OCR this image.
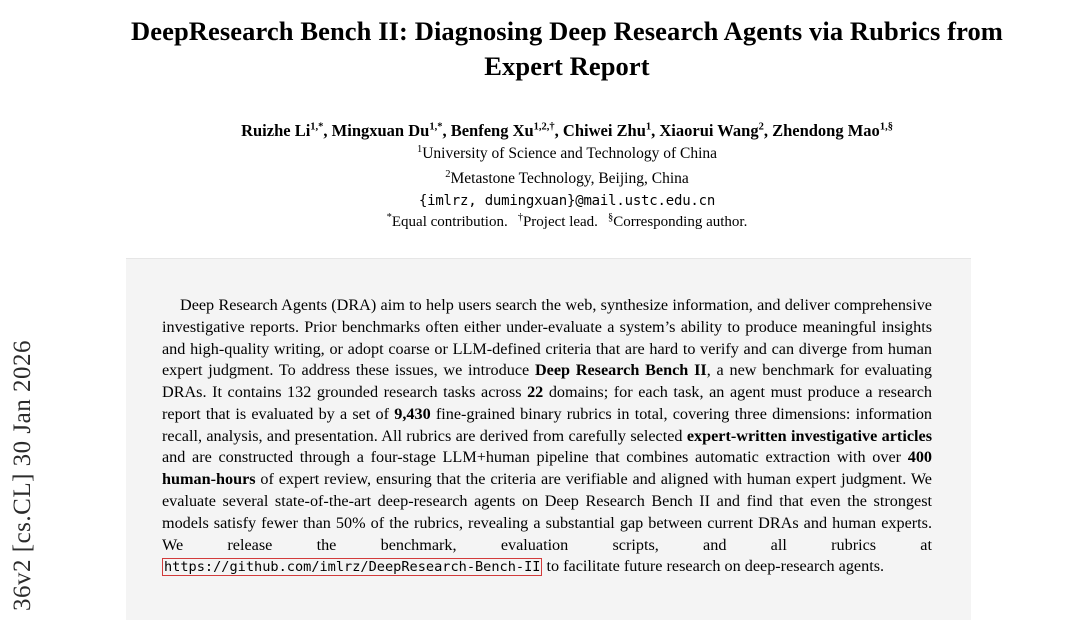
36v2 [cs.CL] 30 Jan 2026
DeepResearch Bench II: Diagnosing Deep Research Agents via Rubrics from Expert Report
Ruizhe $Li^{1,*}$, Mingxuan $Du^{1,*}$, Benfeng $Xu^{1,2,\dagger}$, Chiwei Zhu$^1$, Xiaorui Wang$^2$, Zhendong Mao$^{1,\S}$
$^1$University of Science and Technology of China
$^2$Metastone Technology, Beijing, China
{imlrz, dumingxuan}@mail.ustc.edu.cn
*Equal contribution. †Project lead. §Corresponding author.
Deep Research Agents (DRA) aim to help users search the web, synthesize information, and deliver comprehensive investigative reports. Prior benchmarks often either under-evaluate a system’s ability to produce meaningful insights and high-quality writing, or adopt coarse or LLM-defined criteria that are hard to verify and can diverge from human expert judgment. To address these issues, we introduce Deep Research Bench II, a new benchmark for evaluating DRAs. It contains 132 grounded research tasks across 22 domains; for each task, an agent must produce a research report that is evaluated by a set of 9,430 fine-grained binary rubrics in total, covering three dimensions: information recall, analysis, and presentation. All rubrics are derived from carefully selected expert-written investigative articles and are constructed through a four-stage LLM+human pipeline that combines automatic extraction with over 400 human-hours of expert review, ensuring that the criteria are verifiable and aligned with human expert judgment. We evaluate several state-of-the-art deep-research agents on Deep Research Bench II and find that even the strongest models satisfy fewer than 50% of the rubrics, revealing a substantial gap between current DRAs and human experts. We release the benchmark, evaluation scripts, and all rubrics at https://github.com/imlrz/DeepResearch-Bench-II to facilitate future research on deep-research agents.
